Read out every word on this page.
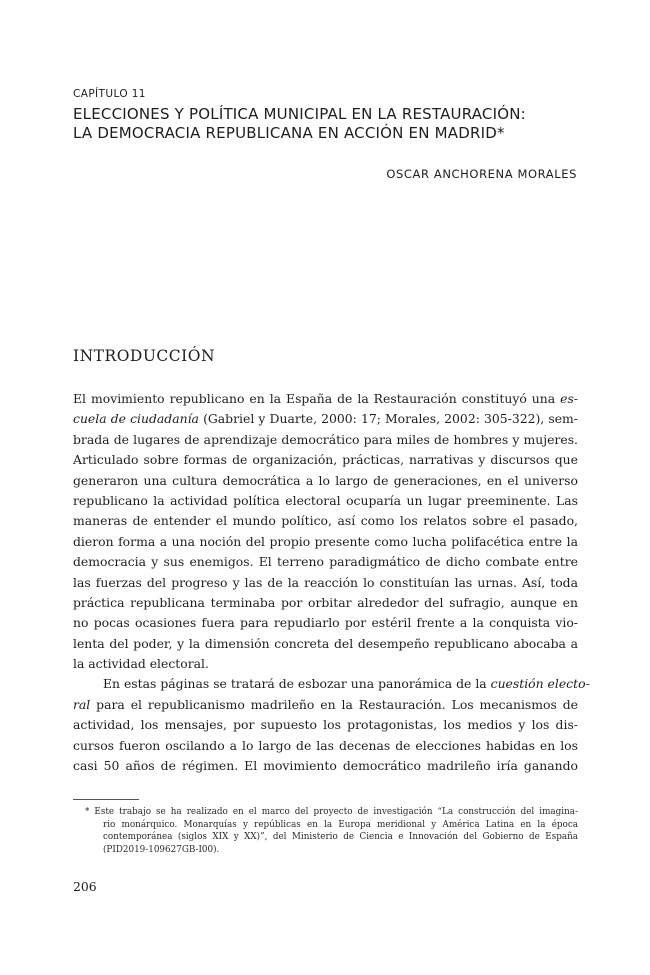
CAPÍTULO 11
ELECCIONES Y POLÍTICA MUNICIPAL EN LA RESTAURACIÓN:
LA DEMOCRACIA REPUBLICANA EN ACCIÓN EN MADRID*

OSCAR ANCHORENA MORALES

INTRODUCCIÓN
El movimiento republicano en la España de la Restauración constituyó una es-
cuela de ciudadanía (Gabriel y Duarte, 2000: 17; Morales, 2002: 305-322), sem-
brada de lugares de aprendizaje democrático para miles de hombres y mujeres.
Articulado sobre formas de organización, prácticas, narrativas y discursos que
generaron una cultura democrática a lo largo de generaciones, en el universo
republicano la actividad política electoral ocuparía un lugar preeminente. Las
maneras de entender el mundo político, así como los relatos sobre el pasado,
dieron forma a una noción del propio presente como lucha polifacética entre la
democracia y sus enemigos. El terreno paradigmático de dicho combate entre
las fuerzas del progreso y las de la reacción lo constituían las urnas. Así, toda
práctica republicana terminaba por orbitar alrededor del sufragio, aunque en
no pocas ocasiones fuera para repudiarlo por estéril frente a la conquista vio-
lenta del poder, y la dimensión concreta del desempeño republicano abocaba a
la actividad electoral.
En estas páginas se tratará de esbozar una panorámica de la cuestión electo-
ral para el republicanismo madrileño en la Restauración. Los mecanismos de
actividad, los mensajes, por supuesto los protagonistas, los medios y los dis-
cursos fueron oscilando a lo largo de las decenas de elecciones habidas en los
casi 50 años de régimen. El movimiento democrático madrileño iría ganando
* Este trabajo se ha realizado en el marco del proyecto de investigación “La construcción del imagina-
rio monárquico. Monarquías y repúblicas en la Europa meridional y América Latina en la época
contemporánea (siglos XIX y XX)”, del Ministerio de Ciencia e Innovación del Gobierno de España
(PID2019-109627GB-I00).
206
